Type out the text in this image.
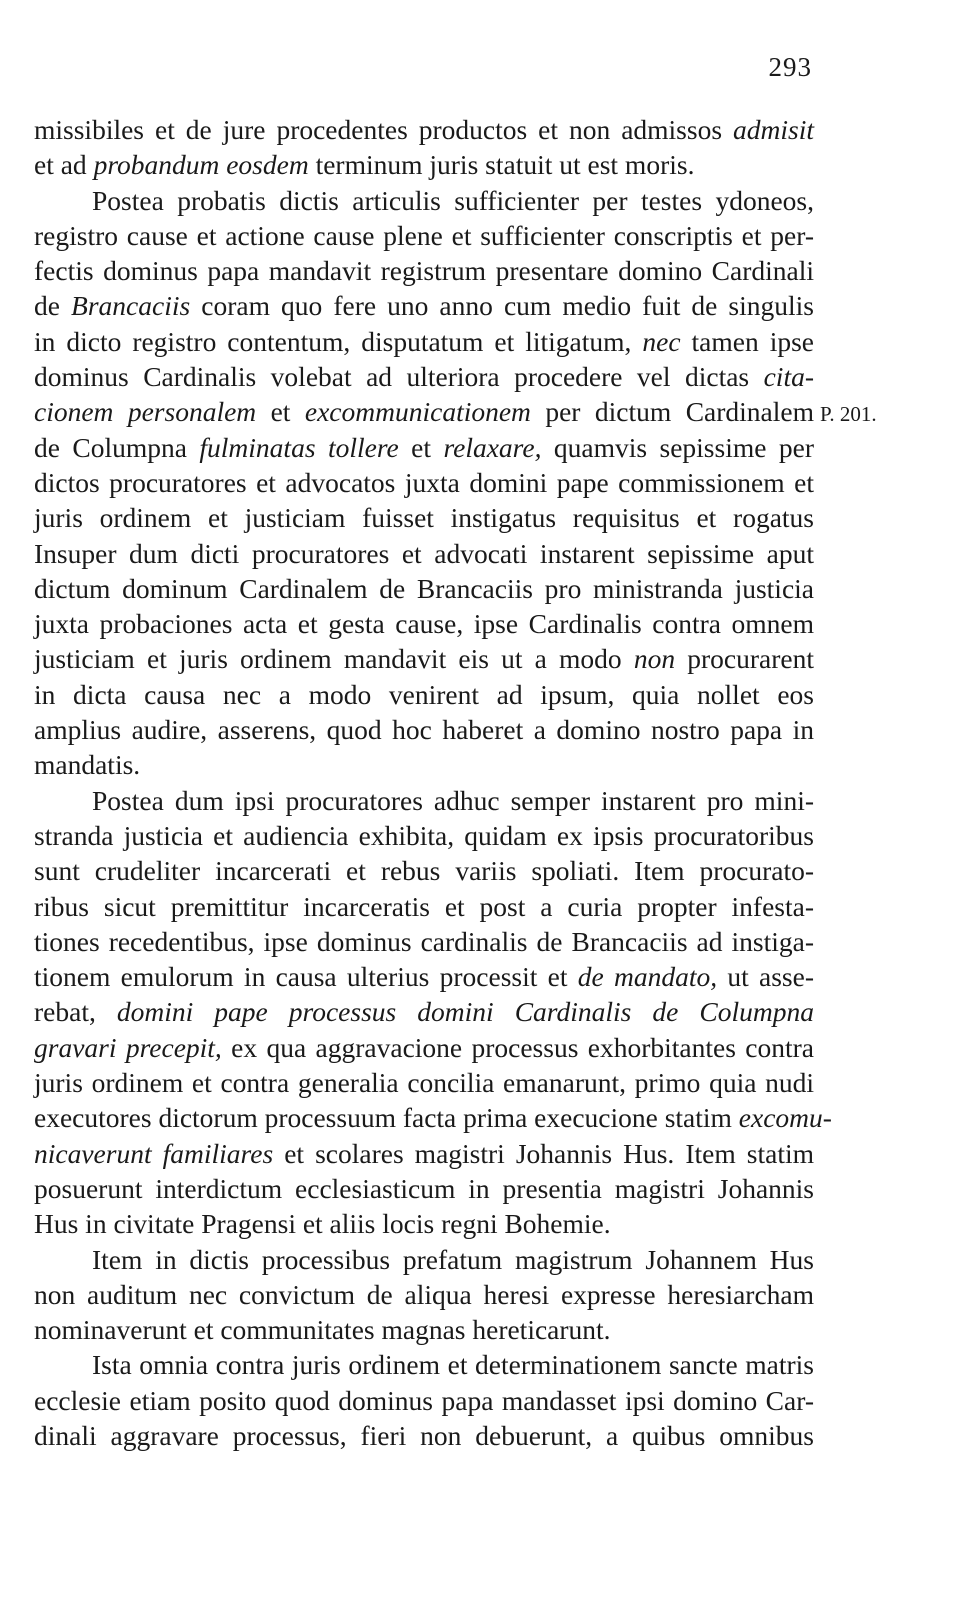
293
P. 201.
missibiles et de jure procedentes productos et non admissos admisit
et ad probandum eosdem terminum juris statuit ut est moris.
Postea probatis dictis articulis sufficienter per testes ydoneos,
registro cause et actione cause plene et sufficienter conscriptis et per-
fectis dominus papa mandavit registrum presentare domino Cardinali
de Brancaciis coram quo fere uno anno cum medio fuit de singulis
in dicto registro contentum, disputatum et litigatum, nec tamen ipse
dominus Cardinalis volebat ad ulteriora procedere vel dictas cita-
cionem personalem et excommunicationem per dictum Cardinalem
de Columpna fulminatas tollere et relaxare, quamvis sepissime per
dictos procuratores et advocatos juxta domini pape commissionem et
juris ordinem et justiciam fuisset instigatus requisitus et rogatus
Insuper dum dicti procuratores et advocati instarent sepissime aput
dictum dominum Cardinalem de Brancaciis pro ministranda justicia
juxta probaciones acta et gesta cause, ipse Cardinalis contra omnem
justiciam et juris ordinem mandavit eis ut a modo non procurarent
in dicta causa nec a modo venirent ad ipsum, quia nollet eos
amplius audire, asserens, quod hoc haberet a domino nostro papa in
mandatis.
Postea dum ipsi procuratores adhuc semper instarent pro mini-
stranda justicia et audiencia exhibita, quidam ex ipsis procuratoribus
sunt crudeliter incarcerati et rebus variis spoliati. Item procurato-
ribus sicut premittitur incarceratis et post a curia propter infesta-
tiones recedentibus, ipse dominus cardinalis de Brancaciis ad instiga-
tionem emulorum in causa ulterius processit et de mandato, ut asse-
rebat, domini pape processus domini Cardinalis de Columpna
gravari precepit, ex qua aggravacione processus exhorbitantes contra
juris ordinem et contra generalia concilia emanarunt, primo quia nudi
executores dictorum processuum facta prima execucione statim excomu-
nicaverunt familiares et scolares magistri Johannis Hus. Item statim
posuerunt interdictum ecclesiasticum in presentia magistri Johannis
Hus in civitate Pragensi et aliis locis regni Bohemie.
Item in dictis processibus prefatum magistrum Johannem Hus
non auditum nec convictum de aliqua heresi expresse heresiarcham
nominaverunt et communitates magnas hereticarunt.
Ista omnia contra juris ordinem et determinationem sancte matris
ecclesie etiam posito quod dominus papa mandasset ipsi domino Car-
dinali aggravare processus, fieri non debuerunt, a quibus omnibus
